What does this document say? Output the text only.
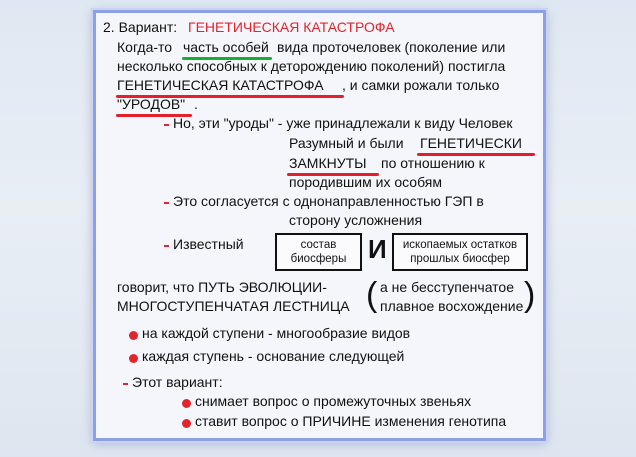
2. Вариант: ГЕНЕТИЧЕСКАЯ КАТАСТРОФА
Когда-то часть особей вида проточеловек (поколение или
несколько способных к деторождению поколений) постигла
ГЕНЕТИЧЕСКАЯ КАТАСТРОФА , и самки рожали только
"УРОДОВ" .
Но, эти "уроды" - уже принадлежали к виду Человек
Разумный и были ГЕНЕТИЧЕСКИ
ЗАМКНУТЫ по отношению к
породившим их особям
Это согласуется с однонаправленностью ГЭП в
сторону усложнения
Известный	состав
биосферы И ископаемых остатков
прошлых биосфер
говорит, что ПУТЬ ЭВОЛЮЦИИ-
МНОГОСТУПЕНЧАТАЯ ЛЕСТНИЦА ( а не бесступенчатое
плавное восхождение )
на каждой ступени - многообразие видов
каждая ступень - основание следующей
Этот вариант:
снимает вопрос о промежуточных звеньях
ставит вопрос о ПРИЧИНЕ изменения генотипа
